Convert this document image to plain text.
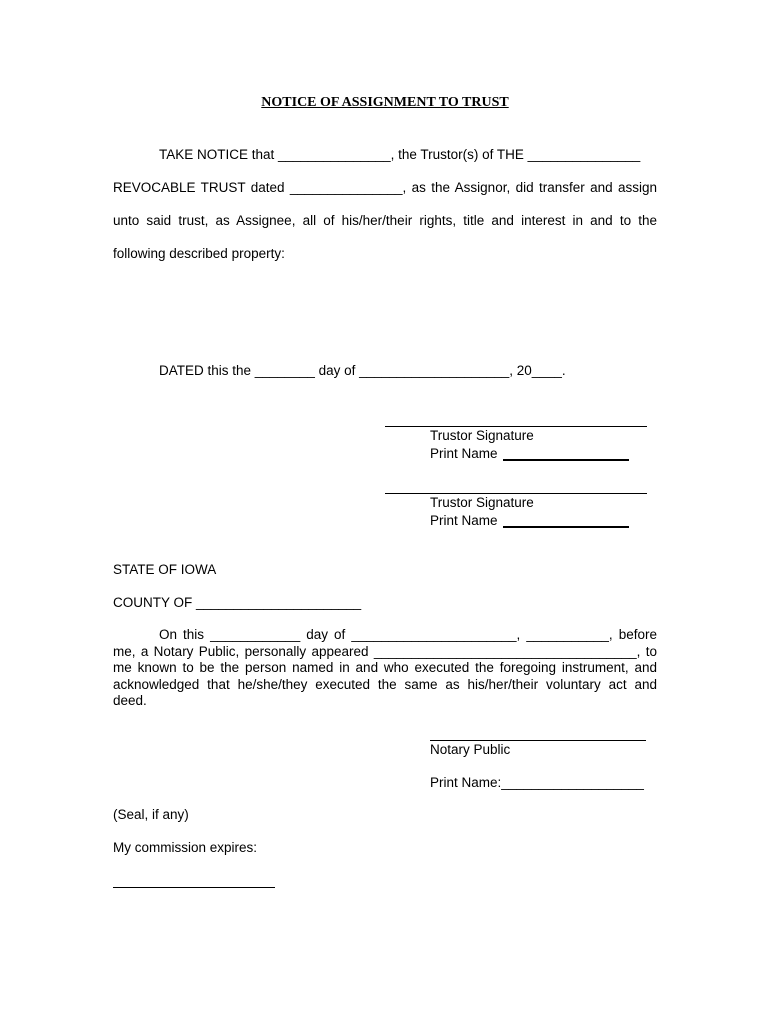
NOTICE OF ASSIGNMENT TO TRUST
TAKE NOTICE that _______________, the Trustor(s) of THE _______________
REVOCABLE TRUST dated _______________, as the Assignor, did transfer and assign
unto said trust, as Assignee, all of his/her/their rights, title and interest in and to the
following described property:
DATED this the ________ day of ____________________, 20____.
Trustor Signature
Print Name
Trustor Signature
Print Name
STATE OF IOWA
COUNTY OF ______________________
On this ____________ day of ______________________, ___________, before
me, a Notary Public, personally appeared ___________________________________, to
me known to be the person named in and who executed the foregoing instrument, and
acknowledged that he/she/they executed the same as his/her/their voluntary act and
deed.
Notary Public
Print Name:___________________
(Seal, if any)
My commission expires:
